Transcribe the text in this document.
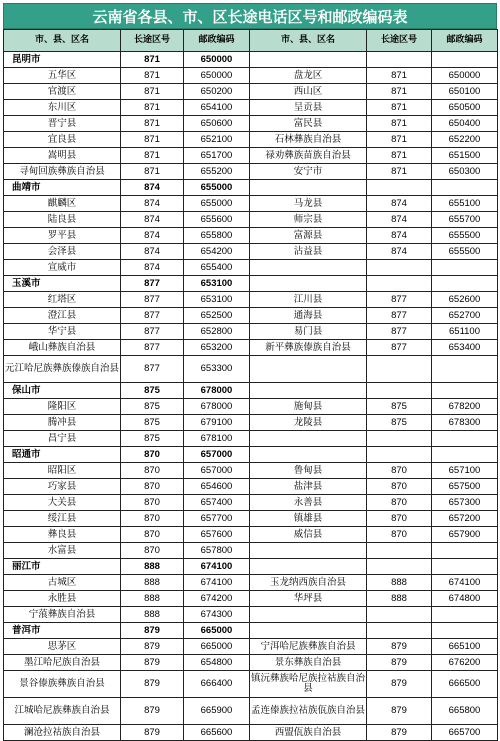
云南省各县、市、区长途电话区号和邮政编码表
市、县、区名	长途区号	邮政编码	市、县、区名	长途区号	邮政编码
昆明市	871	650000			
五华区	871	650000	盘龙区	871	650000
官渡区	871	650200	西山区	871	650100
东川区	871	654100	呈贡县	871	650500
晋宁县	871	650600	富民县	871	650400
宜良县	871	652100	石林彝族自治县	871	652200
嵩明县	871	651700	禄劝彝族苗族自治县	871	651500
寻甸回族彝族自治县	871	655200	安宁市	871	650300
曲靖市	874	655000			
麒麟区	874	655000	马龙县	874	655100
陆良县	874	655600	师宗县	874	655700
罗平县	874	655800	富源县	874	655500
会泽县	874	654200	沾益县	874	655500
宣威市	874	655400			
玉溪市	877	653100			
红塔区	877	653100	江川县	877	652600
澄江县	877	652500	通海县	877	652700
华宁县	877	652800	易门县	877	651100
峨山彝族自治县	877	653200	新平彝族傣族自治县	877	653400
元江哈尼族彝族傣族自治县	877	653300			
保山市	875	678000			
隆阳区	875	678000	施甸县	875	678200
腾冲县	875	679100	龙陵县	875	678300
昌宁县	875	678100			
昭通市	870	657000			
昭阳区	870	657000	鲁甸县	870	657100
巧家县	870	654600	盐津县	870	657500
大关县	870	657400	永善县	870	657300
绥江县	870	657700	镇雄县	870	657200
彝良县	870	657600	威信县	870	657900
水富县	870	657800			
丽江市	888	674100			
古城区	888	674100	玉龙纳西族自治县	888	674100
永胜县	888	674200	华坪县	888	674800
宁蒗彝族自治县	888	674300			
普洱市	879	665000			
思茅区	879	665000	宁洱哈尼族彝族自治县	879	665100
墨江哈尼族自治县	879	654800	景东彝族自治县	879	676200
景谷傣族彝族自治县	879	666400	镇沅彝族哈尼族拉祜族自治县	879	666500
江城哈尼族彝族自治县	879	665900	孟连傣族拉祜族佤族自治县	879	665800
澜沧拉祜族自治县	879	665600	西盟佤族自治县	879	665700
